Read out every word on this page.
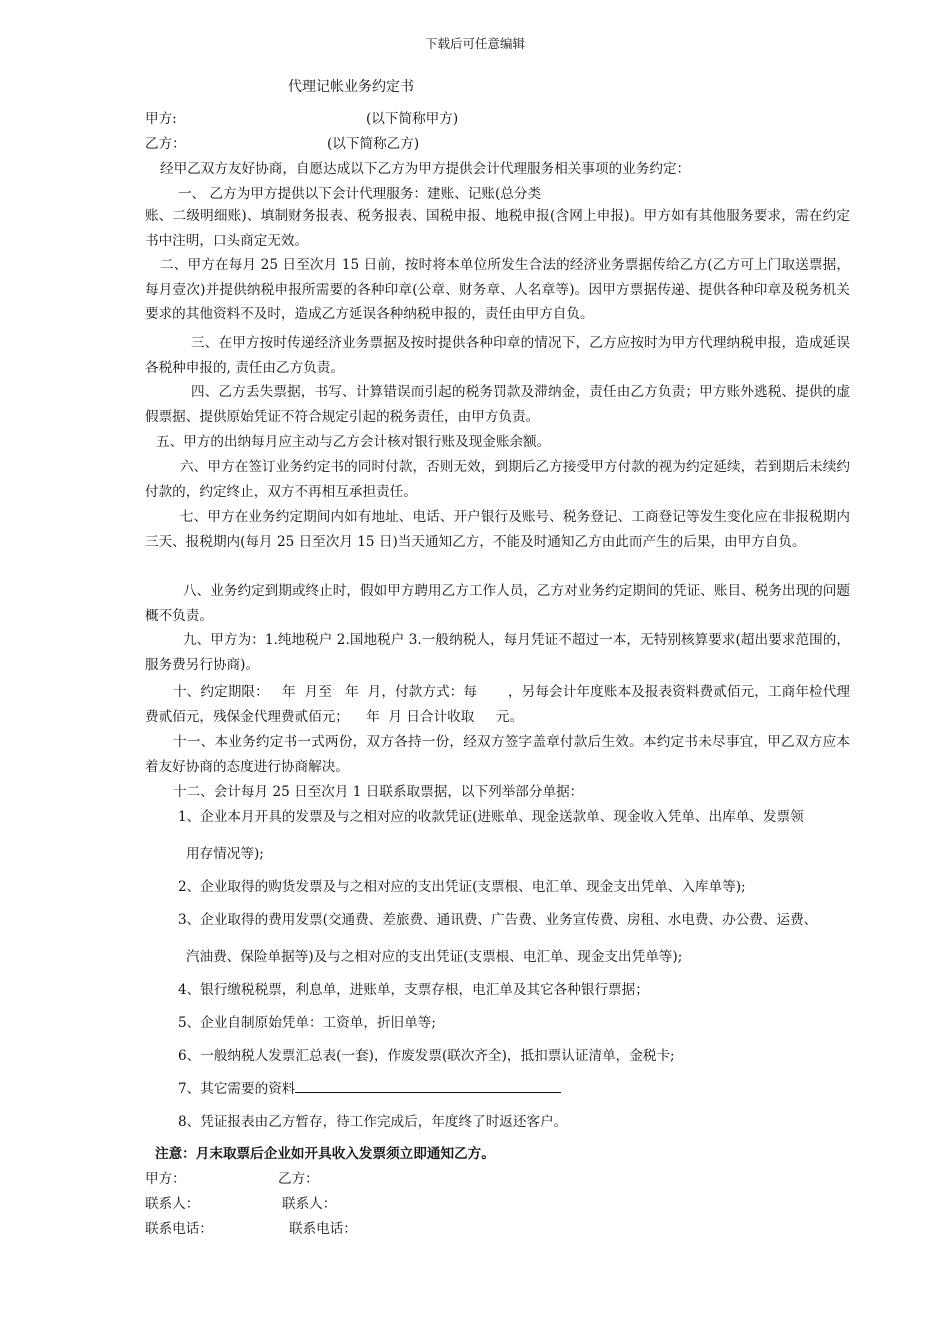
下载后可任意编辑
代理记帐业务约定书
甲方:	(以下简称甲方)
乙方：	(以下简称乙方)
经甲乙双方友好协商，自愿达成以下乙方为甲方提供会计代理服务相关事项的业务约定：
一、 乙方为甲方提供以下会计代理服务：建账、记账(总分类
账、二级明细账)、填制财务报表、税务报表、国税申报、地税申报(含网上申报)。甲方如有其他服务要求，需在约定书中注明，口头商定无效。
二、甲方在每月 25 日至次月 15 日前，按时将本单位所发生合法的经济业务票据传给乙方(乙方可上门取送票据，每月壹次)并提供纳税申报所需要的各种印章(公章、财务章、人名章等)。因甲方票据传递、提供各种印章及税务机关要求的其他资料不及时，造成乙方延误各种纳税申报的，责任由甲方自负。
三、在甲方按时传递经济业务票据及按时提供各种印章的情况下，乙方应按时为甲方代理纳税申报，造成延误各税种申报的, 责任由乙方负责。
四、乙方丢失票据，书写、计算错误而引起的税务罚款及滞纳金，责任由乙方负责；甲方账外逃税、提供的虚假票据、提供原始凭证不符合规定引起的税务责任，由甲方负责。
五、甲方的出纳每月应主动与乙方会计核对银行账及现金账余额。
六、甲方在签订业务约定书的同时付款，否则无效，到期后乙方接受甲方付款的视为约定延续，若到期后未续约付款的，约定终止，双方不再相互承担责任。
七、甲方在业务约定期间内如有地址、电话、开户银行及账号、税务登记、工商登记等发生变化应在非报税期内三天、报税期内(每月 25 日至次月 15 日)当天通知乙方，不能及时通知乙方由此而产生的后果，由甲方自负。
八、业务约定到期或终止时，假如甲方聘用乙方工作人员，乙方对业务约定期间的凭证、账目、税务出现的问题概不负责。
九、甲方为：1.纯地税户 2.国地税户 3.一般纳税人，每月凭证不超过一本，无特别核算要求(超出要求范围的，服务费另行协商)。
十、约定期限：   年  月至   年  月，付款方式：每       ，另每会计年度账本及报表资料费贰佰元，工商年检代理费贰佰元，残保金代理费贰佰元；    年  月 日合计收取     元。
十一、本业务约定书一式两份，双方各持一份，经双方签字盖章付款后生效。本约定书未尽事宜，甲乙双方应本着友好协商的态度进行协商解决。
十二、会计每月 25 日至次月 1 日联系取票据，以下列举部分单据：
1、企业本月开具的发票及与之相对应的收款凭证(进账单、现金送款单、现金收入凭单、出库单、发票领
用存情况等);
2、企业取得的购货发票及与之相对应的支出凭证(支票根、电汇单、现金支出凭单、入库单等);
3、企业取得的费用发票(交通费、差旅费、通讯费、广告费、业务宣传费、房租、水电费、办公费、运费、
汽油费、保险单据等)及与之相对应的支出凭证(支票根、电汇单、现金支出凭单等);
4、银行缴税税票，利息单，进账单，支票存根，电汇单及其它各种银行票据；
5、企业自制原始凭单：工资单，折旧单等;
6、一般纳税人发票汇总表(一套)，作废发票(联次齐全)，抵扣票认证清单，金税卡;
7、其它需要的资料
8、凭证报表由乙方暂存，待工作完成后，年度终了时返还客户。
注意：月末取票后企业如开具收入发票须立即通知乙方。
甲方：	乙方：
联系人：	联系人：
联系电话：	联系电话：
